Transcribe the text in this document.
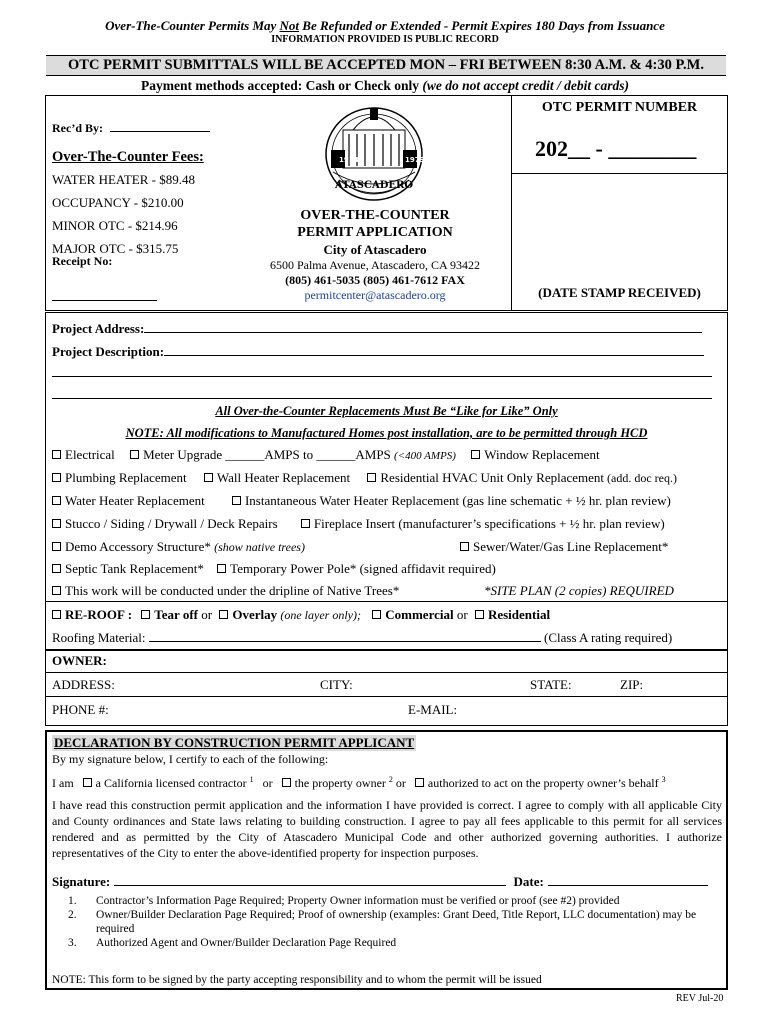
Over-The-Counter Permits May Not Be Refunded or Extended - Permit Expires 180 Days from Issuance
INFORMATION PROVIDED IS PUBLIC RECORD
OTC PERMIT SUBMITTALS WILL BE ACCEPTED MON – FRI BETWEEN 8:30 A.M. & 4:30 P.M.
Payment methods accepted: Cash or Check only (we do not accept credit / debit cards)
Rec’d By:
Over-The-Counter Fees:
WATER HEATER - $89.48
OCCUPANCY - $210.00
MINOR OTC - $214.96
MAJOR OTC - $315.75
Receipt No:
1914	1979
ATASCADERO
OVER-THE-COUNTER
PERMIT APPLICATION
City of Atascadero
6500 Palma Avenue, Atascadero, CA 93422
(805) 461-5035 (805) 461-7612 FAX
permitcenter@atascadero.org
OTC PERMIT NUMBER
202__ - ________
(DATE STAMP RECEIVED)
Project Address:
Project Description:
All Over-the-Counter Replacements Must Be “Like for Like” Only
NOTE: All modifications to Manufactured Homes post installation, are to be permitted through HCD
Electrical Meter Upgrade ______AMPS to ______AMPS (<400 AMPS) Window Replacement
Plumbing Replacement Wall Heater Replacement Residential HVAC Unit Only Replacement (add. doc req.)
Water Heater Replacement	Instantaneous Water Heater Replacement (gas line schematic + ½ hr. plan review)
Stucco / Siding / Drywall / Deck Repairs	Fireplace Insert (manufacturer’s specifications + ½ hr. plan review)
Demo Accessory Structure* (show native trees)	Sewer/Water/Gas Line Replacement*
Septic Tank Replacement* Temporary Power Pole* (signed affidavit required)
This work will be conducted under the dripline of Native Trees*	*SITE PLAN (2 copies) REQUIRED
RE-ROOF : Tear off or Overlay (one layer only); Commercial or Residential
Roofing Material:	(Class A rating required)
OWNER:
ADDRESS:	CITY:	STATE:	ZIP:
PHONE #:	E-MAIL:
DECLARATION BY CONSTRUCTION PERMIT APPLICANT
By my signature below, I certify to each of the following:
I am a California licensed contractor $^1$ or the property owner $^2$ or authorized to act on the property owner’s behalf $^3$
I have read this construction permit application and the information I have provided is correct. I agree to comply with all applicable City and County ordinances and State laws relating to building construction. I agree to pay all fees applicable to this permit for all services rendered and as permitted by the City of Atascadero Municipal Code and other authorized governing authorities. I authorize representatives of the City to enter the above-identified property for inspection purposes.
Signature:	Date:
1.	Contractor’s Information Page Required; Property Owner information must be verified or proof (see #2) provided
2.	Owner/Builder Declaration Page Required; Proof of ownership (examples: Grant Deed, Title Report, LLC documentation) may be required
3.	Authorized Agent and Owner/Builder Declaration Page Required
NOTE: This form to be signed by the party accepting responsibility and to whom the permit will be issued
REV Jul-20
